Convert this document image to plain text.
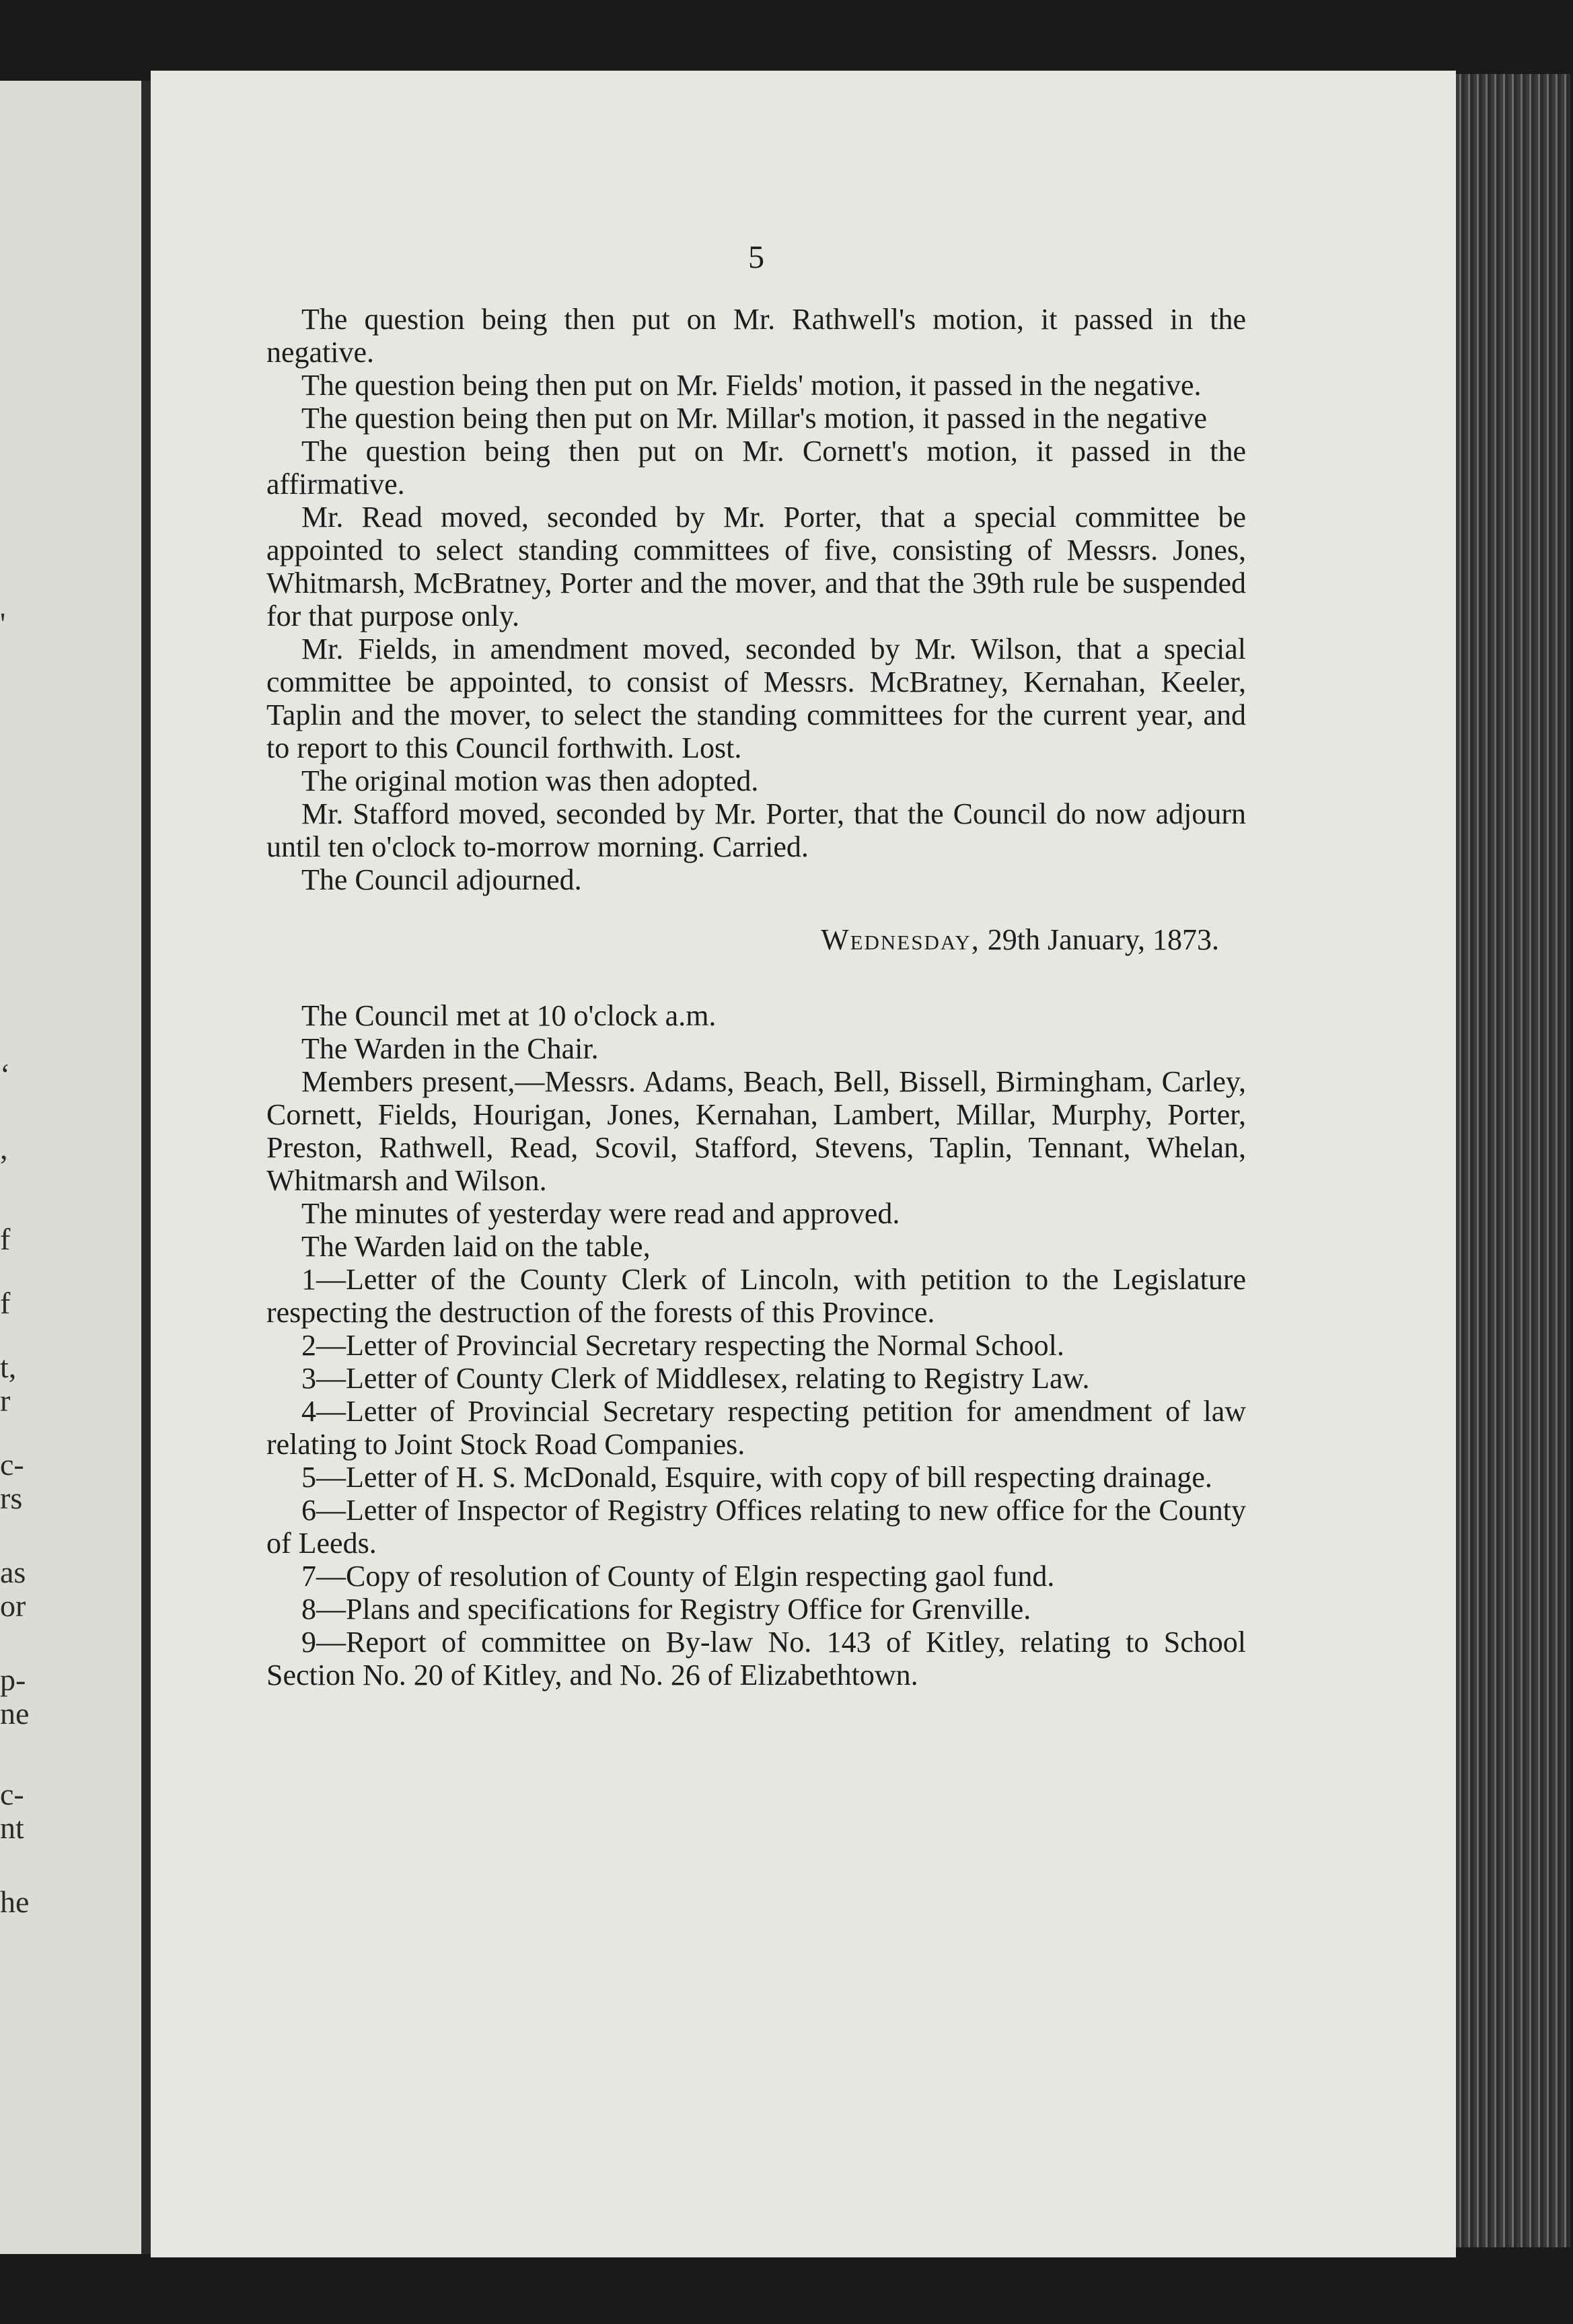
'
‘
,
f
f
t,
r
c-
rs
as
or
p-
ne
c-
nt
he
5

The question being then put on Mr. Rathwell's motion, it passed in the negative.

The question being then put on Mr. Fields' motion, it passed in the negative.

The question being then put on Mr. Millar's motion, it passed in the negative

The question being then put on Mr. Cornett's motion, it passed in the affirmative.

Mr. Read moved, seconded by Mr. Porter, that a special committee be appointed to select standing committees of five, consisting of Messrs. Jones, Whitmarsh, McBratney, Porter and the mover, and that the 39th rule be suspended for that purpose only.

Mr. Fields, in amendment moved, seconded by Mr. Wilson, that a special committee be appointed, to consist of Messrs. McBratney, Kernahan, Keeler, Taplin and the mover, to select the standing committees for the current year, and to report to this Council forthwith. Lost.

The original motion was then adopted.

Mr. Stafford moved, seconded by Mr. Porter, that the Council do now adjourn until ten o'clock to-morrow morning. Carried.

The Council adjourned.

Wednesday, 29th January, 1873.

The Council met at 10 o'clock a.m.

The Warden in the Chair.

Members present,—Messrs. Adams, Beach, Bell, Bissell, Birmingham, Carley, Cornett, Fields, Hourigan, Jones, Kernahan, Lambert, Millar, Murphy, Porter, Preston, Rathwell, Read, Scovil, Stafford, Stevens, Taplin, Tennant, Whelan, Whitmarsh and Wilson.

The minutes of yesterday were read and approved.

The Warden laid on the table,

1—Letter of the County Clerk of Lincoln, with petition to the Legislature respecting the destruction of the forests of this Province.

2—Letter of Provincial Secretary respecting the Normal School.

3—Letter of County Clerk of Middlesex, relating to Registry Law.

4—Letter of Provincial Secretary respecting petition for amendment of law relating to Joint Stock Road Companies.

5—Letter of H. S. McDonald, Esquire, with copy of bill respecting drainage.

6—Letter of Inspector of Registry Offices relating to new office for the County of Leeds.

7—Copy of resolution of County of Elgin respecting gaol fund.

8—Plans and specifications for Registry Office for Grenville.

9—Report of committee on By-law No. 143 of Kitley, relating to School Section No. 20 of Kitley, and No. 26 of Elizabethtown.
